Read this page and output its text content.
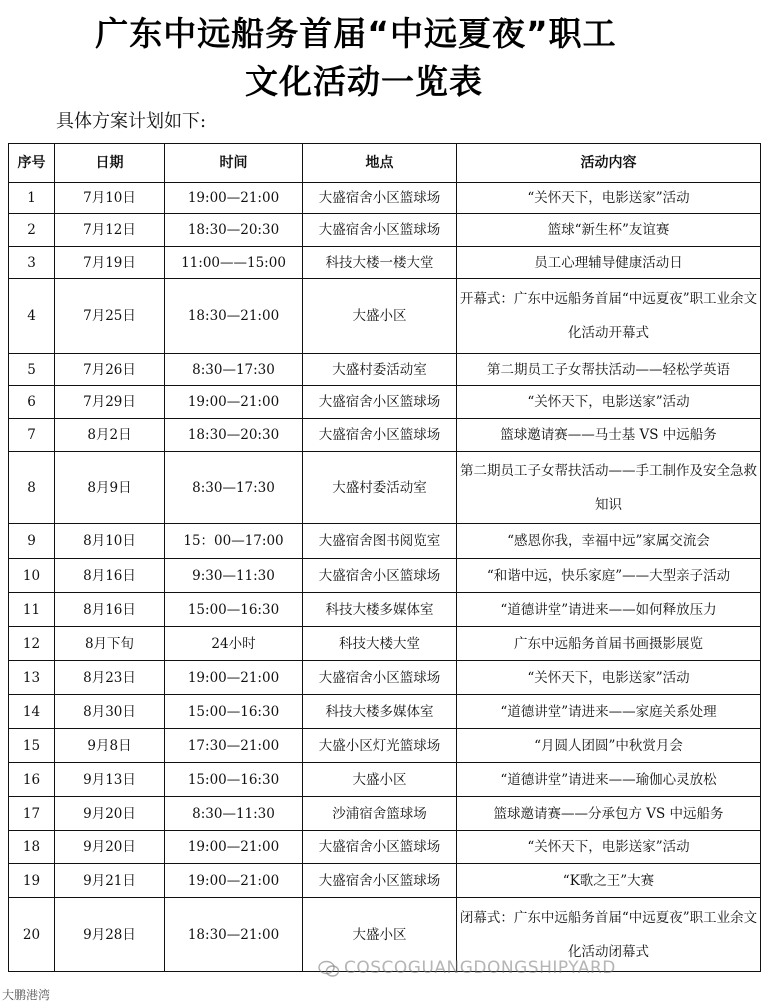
广东中远船务首届“中远夏夜”职工
文化活动一览表
具体方案计划如下:
序号	日期	时间	地点	活动内容
1	7月10日	19:00—21:00	大盛宿舍小区篮球场	“关怀天下，电影送家”活动
2	7月12日	18:30—20:30	大盛宿舍小区篮球场	篮球“新生杯”友谊赛
3	7月19日	11:00——15:00	科技大楼一楼大堂	员工心理辅导健康活动日
4	7月25日	18:30—21:00	大盛小区	开幕式：广东中远船务首届“中远夏夜”职工业余文化活动开幕式
5	7月26日	8:30—17:30	大盛村委活动室	第二期员工子女帮扶活动——轻松学英语
6	7月29日	19:00—21:00	大盛宿舍小区篮球场	“关怀天下，电影送家”活动
7	8月2日	18:30—20:30	大盛宿舍小区篮球场	篮球邀请赛——马士基 VS 中远船务
8	8月9日	8:30—17:30	大盛村委活动室	第二期员工子女帮扶活动——手工制作及安全急救知识
9	8月10日	15：00—17:00	大盛宿舍图书阅览室	“感恩你我，幸福中远”家属交流会
10	8月16日	9:30—11:30	大盛宿舍小区篮球场	“和谐中远，快乐家庭”——大型亲子活动
11	8月16日	15:00—16:30	科技大楼多媒体室	“道德讲堂”请进来——如何释放压力
12	8月下旬	24小时	科技大楼大堂	广东中远船务首届书画摄影展览
13	8月23日	19:00—21:00	大盛宿舍小区篮球场	“关怀天下，电影送家”活动
14	8月30日	15:00—16:30	科技大楼多媒体室	“道德讲堂”请进来——家庭关系处理
15	9月8日	17:30—21:00	大盛小区灯光篮球场	“月圆人团圆”中秋赏月会
16	9月13日	15:00—16:30	大盛小区	“道德讲堂”请进来——瑜伽心灵放松
17	9月20日	8:30—11:30	沙浦宿舍篮球场	篮球邀请赛——分承包方 VS 中远船务
18	9月20日	19:00—21:00	大盛宿舍小区篮球场	“关怀天下，电影送家”活动
19	9月21日	19:00—21:00	大盛宿舍小区篮球场	“K歌之王”大赛
20	9月28日	18:30—21:00	大盛小区	闭幕式：广东中远船务首届“中远夏夜”职工业余文化活动闭幕式
COSCOGUANGDONGSHIPYARD
大鹏港湾
